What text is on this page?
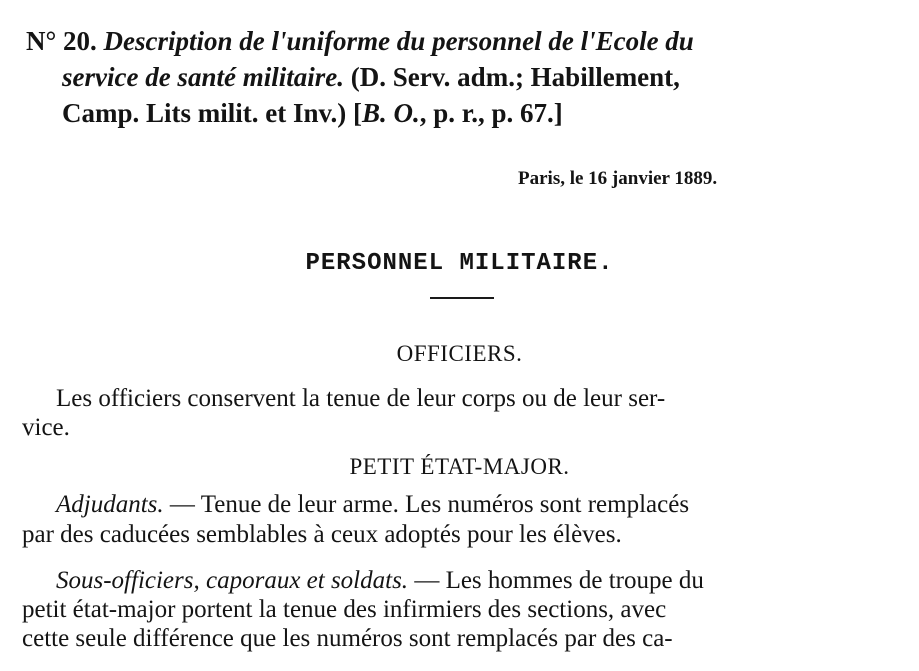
N° 20. Description de l'uniforme du personnel de l'Ecole du
service de santé militaire. (D. Serv. adm.; Habillement,
Camp. Lits milit. et Inv.) [B. O., p. r., p. 67.]
Paris, le 16 janvier 1889.
PERSONNEL MILITAIRE.
OFFICIERS.
Les officiers conservent la tenue de leur corps ou de leur ser-
vice.
PETIT ÉTAT-MAJOR.
Adjudants. — Tenue de leur arme. Les numéros sont remplacés
par des caducées semblables à ceux adoptés pour les élèves.
Sous-officiers, caporaux et soldats. — Les hommes de troupe du
petit état-major portent la tenue des infirmiers des sections, avec
cette seule différence que les numéros sont remplacés par des ca-
